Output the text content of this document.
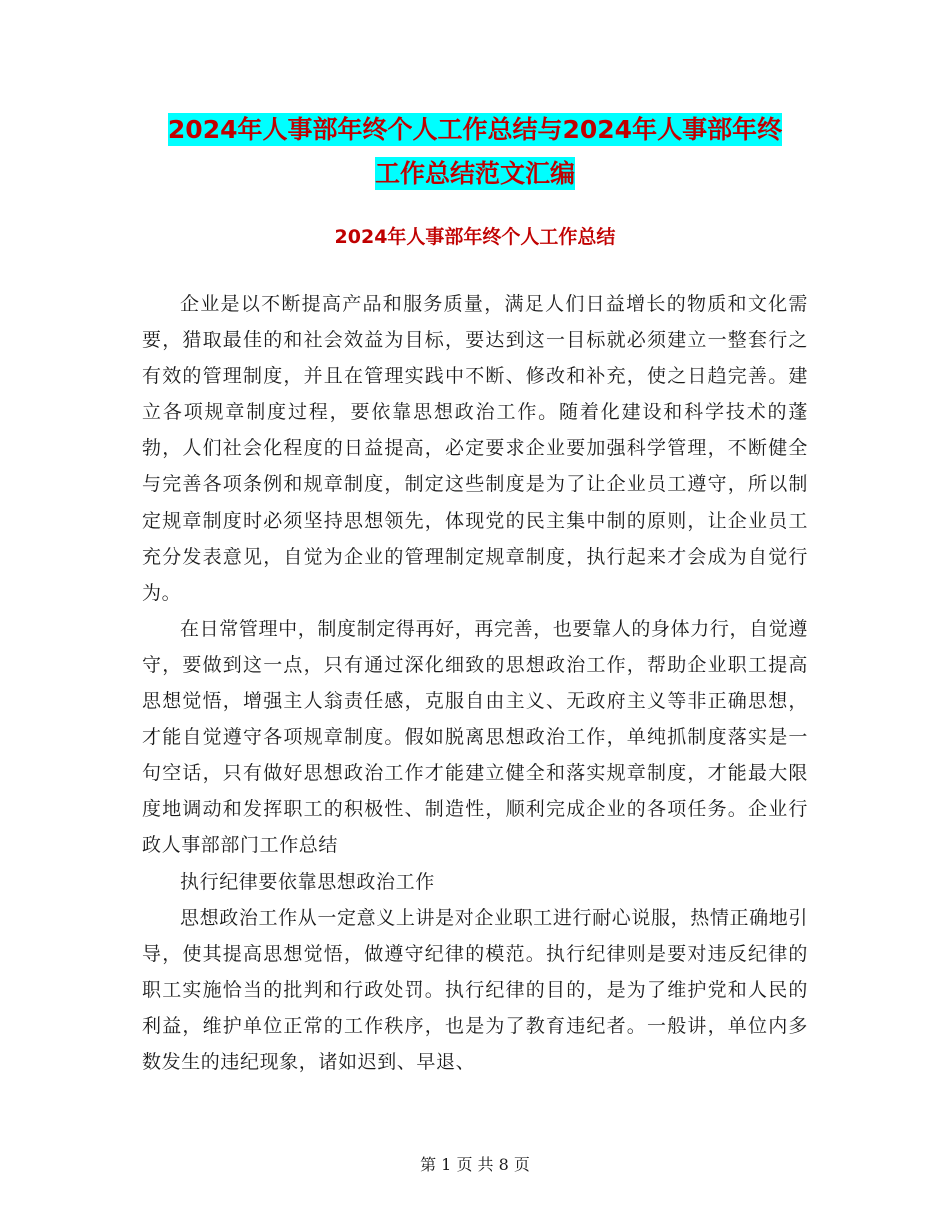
2024年人事部年终个人工作总结与2024年人事部年终
工作总结范文汇编
2024年人事部年终个人工作总结

企业是以不断提高产品和服务质量，满足人们日益增长的物质和文化需要，猎取最佳的和社会效益为目标，要达到这一目标就必须建立一整套行之有效的管理制度，并且在管理实践中不断、修改和补充，使之日趋完善。建立各项规章制度过程，要依靠思想政治工作。随着化建设和科学技术的蓬勃，人们社会化程度的日益提高，必定要求企业要加强科学管理，不断健全与完善各项条例和规章制度，制定这些制度是为了让企业员工遵守，所以制定规章制度时必须坚持思想领先，体现党的民主集中制的原则，让企业员工充分发表意见，自觉为企业的管理制定规章制度，执行起来才会成为自觉行为。

在日常管理中，制度制定得再好，再完善，也要靠人的身体力行，自觉遵守，要做到这一点，只有通过深化细致的思想政治工作，帮助企业职工提高思想觉悟，增强主人翁责任感，克服自由主义、无政府主义等非正确思想，才能自觉遵守各项规章制度。假如脱离思想政治工作，单纯抓制度落实是一句空话，只有做好思想政治工作才能建立健全和落实规章制度，才能最大限度地调动和发挥职工的积极性、制造性，顺利完成企业的各项任务。企业行政人事部部门工作总结

执行纪律要依靠思想政治工作

思想政治工作从一定意义上讲是对企业职工进行耐心说服，热情正确地引导，使其提高思想觉悟，做遵守纪律的模范。执行纪律则是要对违反纪律的职工实施恰当的批判和行政处罚。执行纪律的目的，是为了维护党和人民的利益，维护单位正常的工作秩序，也是为了教育违纪者。一般讲，单位内多数发生的违纪现象，诸如迟到、早退、

第 1 页 共 8 页
